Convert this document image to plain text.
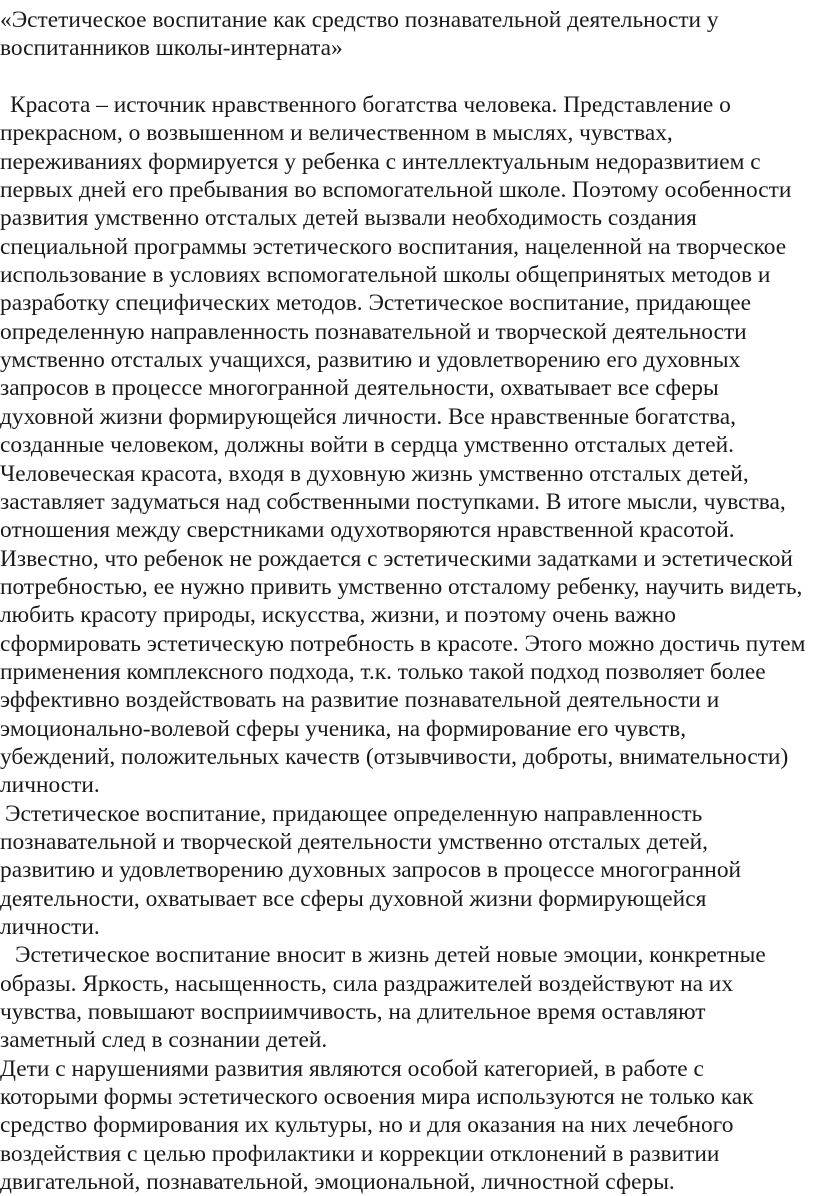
«Эстетическое воспитание как средство познавательной деятельности у воспитанников школы-интерната»

Красота – источник нравственного богатства человека. Представление о прекрасном, о возвышенном и величественном в мыслях, чувствах, переживаниях формируется у ребенка с интеллектуальным недоразвитием с первых дней его пребывания во вспомогательной школе. Поэтому особенности развития умственно отсталых детей вызвали необходимость создания специальной программы эстетического воспитания, нацеленной на творческое использование в условиях вспомогательной школы общепринятых методов и разработку специфических методов. Эстетическое воспитание, придающее определенную направленность познавательной и творческой деятельности умственно отсталых учащихся, развитию и удовлетворению его духовных запросов в процессе многогранной деятельности, охватывает все сферы духовной жизни формирующейся личности. Все нравственные богатства, созданные человеком, должны войти в сердца умственно отсталых детей. Человеческая красота, входя в духовную жизнь умственно отсталых детей, заставляет задуматься над собственными поступками. В итоге мысли, чувства, отношения между сверстниками одухотворяются нравственной красотой. Известно, что ребенок не рождается с эстетическими задатками и эстетической потребностью, ее нужно привить умственно отсталому ребенку, научить видеть, любить красоту природы, искусства, жизни, и поэтому очень важно сформировать эстетическую потребность в красоте. Этого можно достичь путем применения комплексного подхода, т.к. только такой подход позволяет более эффективно воздействовать на развитие познавательной деятельности и эмоционально-волевой сферы ученика, на формирование его чувств, убеждений, положительных качеств (отзывчивости, доброты, внимательности) личности.

Эстетическое воспитание, придающее определенную направленность познавательной и творческой деятельности умственно отсталых детей, развитию и удовлетворению духовных запросов в процессе многогранной деятельности, охватывает все сферы духовной жизни формирующейся личности.

Эстетическое воспитание вносит в жизнь детей новые эмоции, конкретные образы. Яркость, насыщенность, сила раздражителей воздействуют на их чувства, повышают восприимчивость, на длительное время оставляют заметный след в сознании детей.

Дети с нарушениями развития являются особой категорией, в работе с которыми формы эстетического освоения мира используются не только как средство формирования их культуры, но и для оказания на них лечебного воздействия с целью профилактики и коррекции отклонений в развитии двигательной, познавательной, эмоциональной, личностной сферы.
